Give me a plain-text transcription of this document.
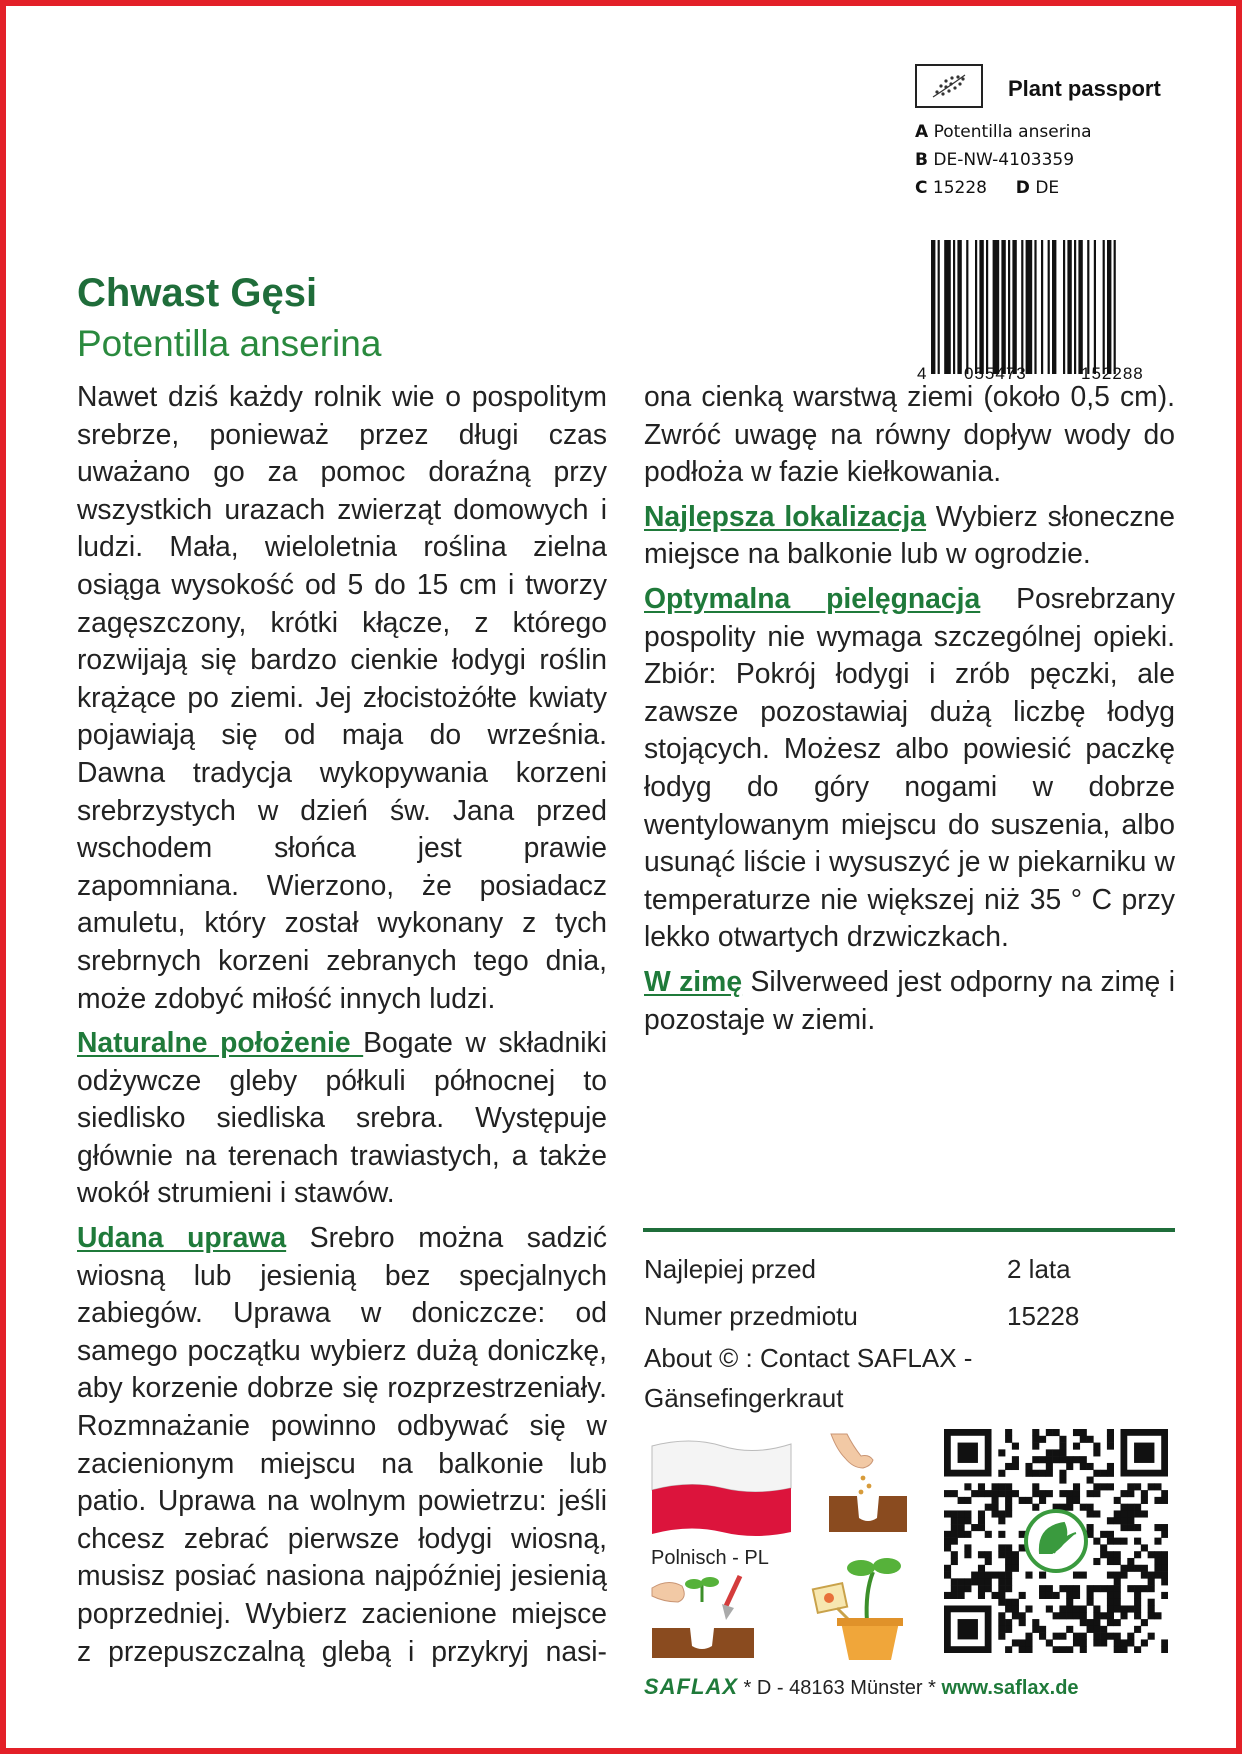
Plant passport
A Potentilla anserina
B DE-NW-4103359
C 15228 D DE
4 055473	152288
Chwast Gęsi
Potentilla anserina

Nawet dziś każdy rolnik wie o pospolitym srebrze, ponieważ przez długi czas uważano go za pomoc doraźną przy wszystkich urazach zwierząt domowych i ludzi. Mała, wieloletnia roślina zielna osiąga wysokość od 5 do 15 cm i tworzy zagęszczony, krótki kłącze, z którego rozwijają się bardzo cienkie łodygi roślin krążące po ziemi. Jej złocistożółte kwiaty pojawiają się od maja do września. Dawna tradycja wykopywania korzeni srebrzystych w dzień św. Jana przed wschodem słońca jest prawie zapomniana. Wierzono, że posiadacz amuletu, który został wykonany z tych srebrnych korzeni zebranych tego dnia, może zdobyć miłość innych ludzi.

Naturalne położenie Bogate w składniki odżywcze gleby półkuli północnej to siedlisko siedliska srebra. Występuje głównie na terenach trawiastych, a także wokół strumieni i stawów.

Udana uprawa Srebro można sadzić wiosną lub jesienią bez specjalnych zabiegów. Uprawa w doniczcze: od samego początku wybierz dużą doniczkę, aby korzenie dobrze się rozprzestrzeniały. Rozmnażanie powinno odbywać się w zacienionym miejscu na balkonie lub patio. Uprawa na wolnym powietrzu: jeśli chcesz zebrać pierwsze łodygi wiosną, musisz posiać nasiona najpóźniej jesienią poprzedniej. Wybierz zacienione miejsce z przepuszczalną glebą i przykryj nasi-

ona cienką warstwą ziemi (około 0,5 cm). Zwróć uwagę na równy dopływ wody do podłoża w fazie kiełkowania.

Najlepsza lokalizacja Wybierz słoneczne miejsce na balkonie lub w ogrodzie.

Optymalna pielęgnacja Posrebrzany pospolity nie wymaga szczególnej opieki. Zbiór: Pokrój łodygi i zrób pęczki, ale zawsze pozostawiaj dużą liczbę łodyg stojących. Możesz albo powiesić paczkę łodyg do góry nogami w dobrze wentylowanym miejscu do suszenia, albo usunąć liście i wysuszyć je w piekarniku w temperaturze nie większej niż 35 ° C przy lekko otwartych drzwiczkach.

W zimę Silverweed jest odporny na zimę i pozostaje w ziemi.

Najlepiej przed	2 lata
Numer przedmiotu	15228
About © : Contact SAFLAX -
Gänsefingerkraut
Polnisch - PL
SAFLAX * D - 48163 Münster * www.saflax.de
